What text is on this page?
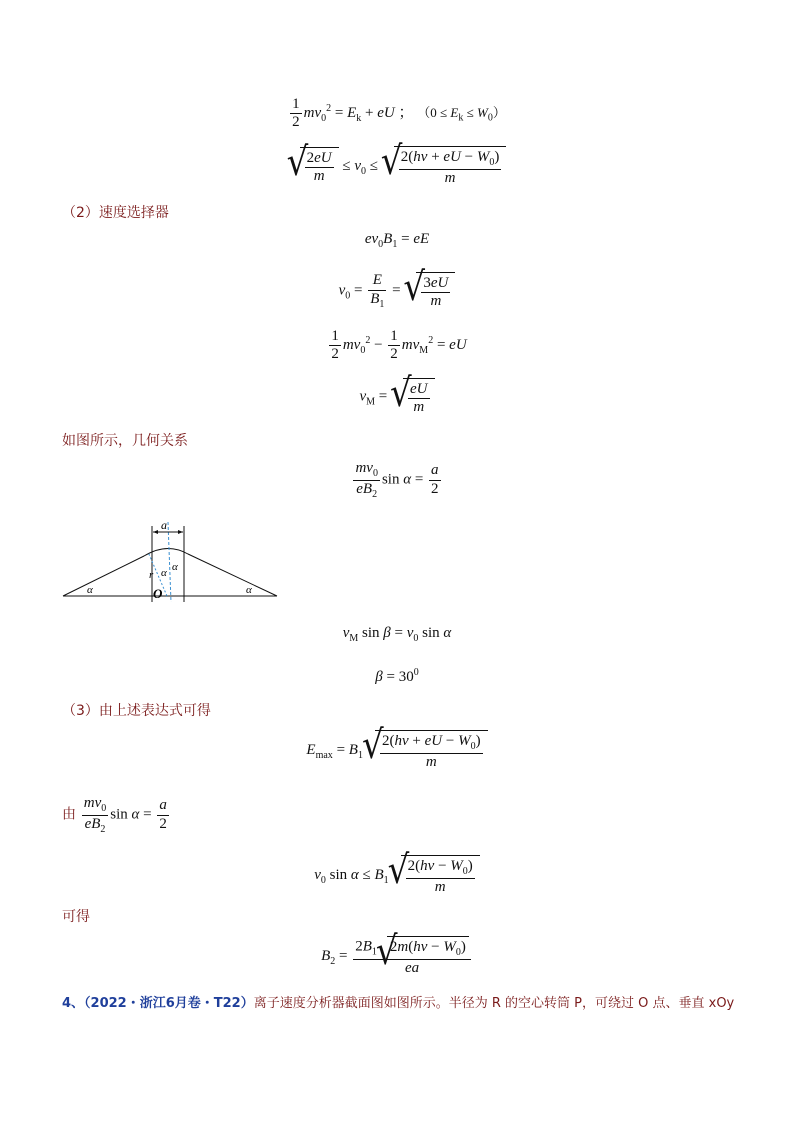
$\frac{1}{2} mv_0^2 = E_k$ + eU ； $(0 \le E_k \le W_0)$
√ $\frac{2eU}{m} \le v_0$ ≤ √ $\frac{2(h\nu + eU - W_0)}{m}$
（2）速度选择器
$ev_0B_1$ = eE
$v_0 = \frac{E}{B_1}$ = √ $\frac{3eU}{m}$
$\frac{1}{2} mv_0^2 - \frac{1}{2} mv_M^2$ = eU
$v_M$ = √ $\frac{eU}{m}$
如图所示，几何关系
$\frac{mv_0}{eB_2}$ $\sin \alpha = \frac{a}{2}$
a
r α α
α	α
O
$v_M$ $\sin \beta = v_0$ sin α
$\beta = 30^0$
（3）由上述表达式可得
$E_{max} = B_1$ √ $\frac{2(h\nu + eU - W_0)}{m}$
由 $\frac{mv_0}{eB_2}$ $\sin \alpha = \frac{a}{2}$
$v_0$ $\sin \alpha \le B_1$ √ $\frac{2(h\nu - W_0)}{m}$
可得
$B_2 = \frac{2B_1 √ 2m(h\nu - W_0)}{ea}$
4、（2022・浙江6月卷・T22）离子速度分析器截面图如图所示。半径为 R 的空心转筒 P，可绕过 O 点、垂直 xOy
